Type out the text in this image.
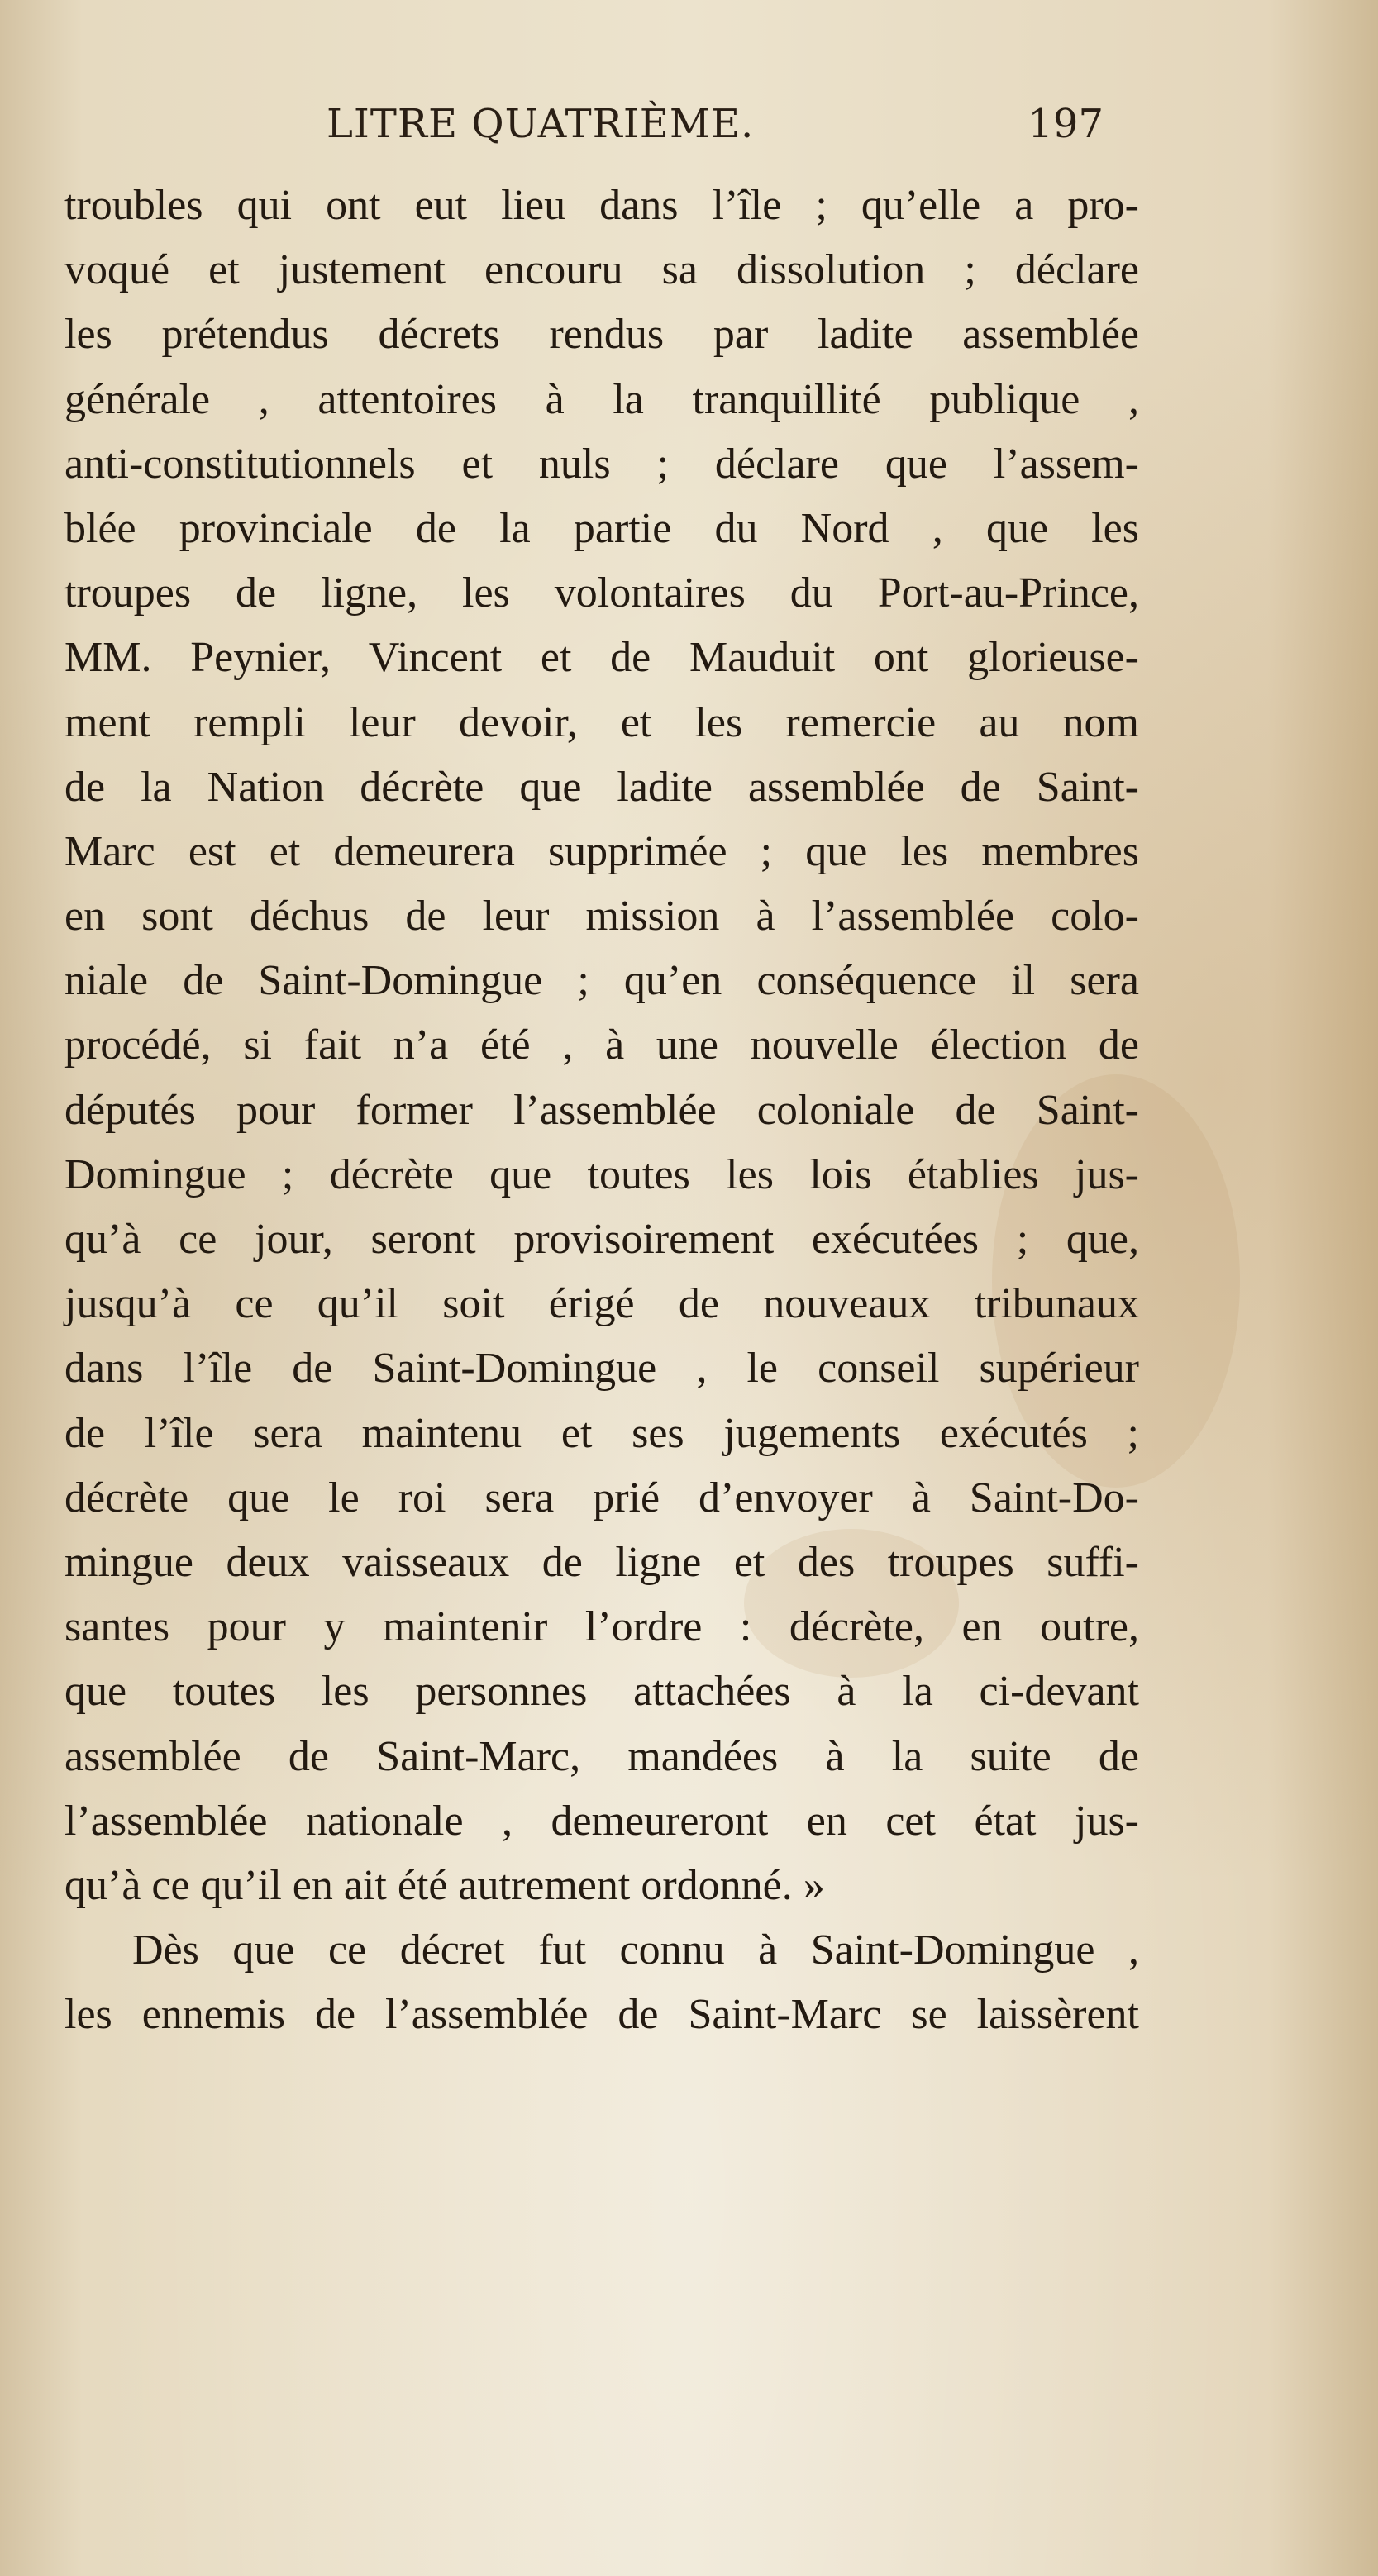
LITRE QUATRIÈME.	197
troubles qui ont eut lieu dans l’île ; qu’elle a pro-
voqué et justement encouru sa dissolution ; déclare
les prétendus décrets rendus par ladite assemblée
générale , attentoires à la tranquillité publique ,
anti-constitutionnels et nuls ; déclare que l’assem-
blée provinciale de la partie du Nord , que les
troupes de ligne, les volontaires du Port-au-Prince,
MM. Peynier, Vincent et de Mauduit ont glorieuse-
ment rempli leur devoir, et les remercie au nom
de la Nation décrète que ladite assemblée de Saint-
Marc est et demeurera supprimée ; que les membres
en sont déchus de leur mission à l’assemblée colo-
niale de Saint-Domingue ; qu’en conséquence il sera
procédé, si fait n’a été , à une nouvelle élection de
députés pour former l’assemblée coloniale de Saint-
Domingue ; décrète que toutes les lois établies jus-
qu’à ce jour, seront provisoirement exécutées ; que,
jusqu’à ce qu’il soit érigé de nouveaux tribunaux
dans l’île de Saint-Domingue , le conseil supérieur
de l’île sera maintenu et ses jugements exécutés ;
décrète que le roi sera prié d’envoyer à Saint-Do-
mingue deux vaisseaux de ligne et des troupes suffi-
santes pour y maintenir l’ordre : décrète, en outre,
que toutes les personnes attachées à la ci-devant
assemblée de Saint-Marc, mandées à la suite de
l’assemblée nationale , demeureront en cet état jus-
qu’à ce qu’il en ait été autrement ordonné. »
Dès que ce décret fut connu à Saint-Domingue ,
les ennemis de l’assemblée de Saint-Marc se laissèrent
